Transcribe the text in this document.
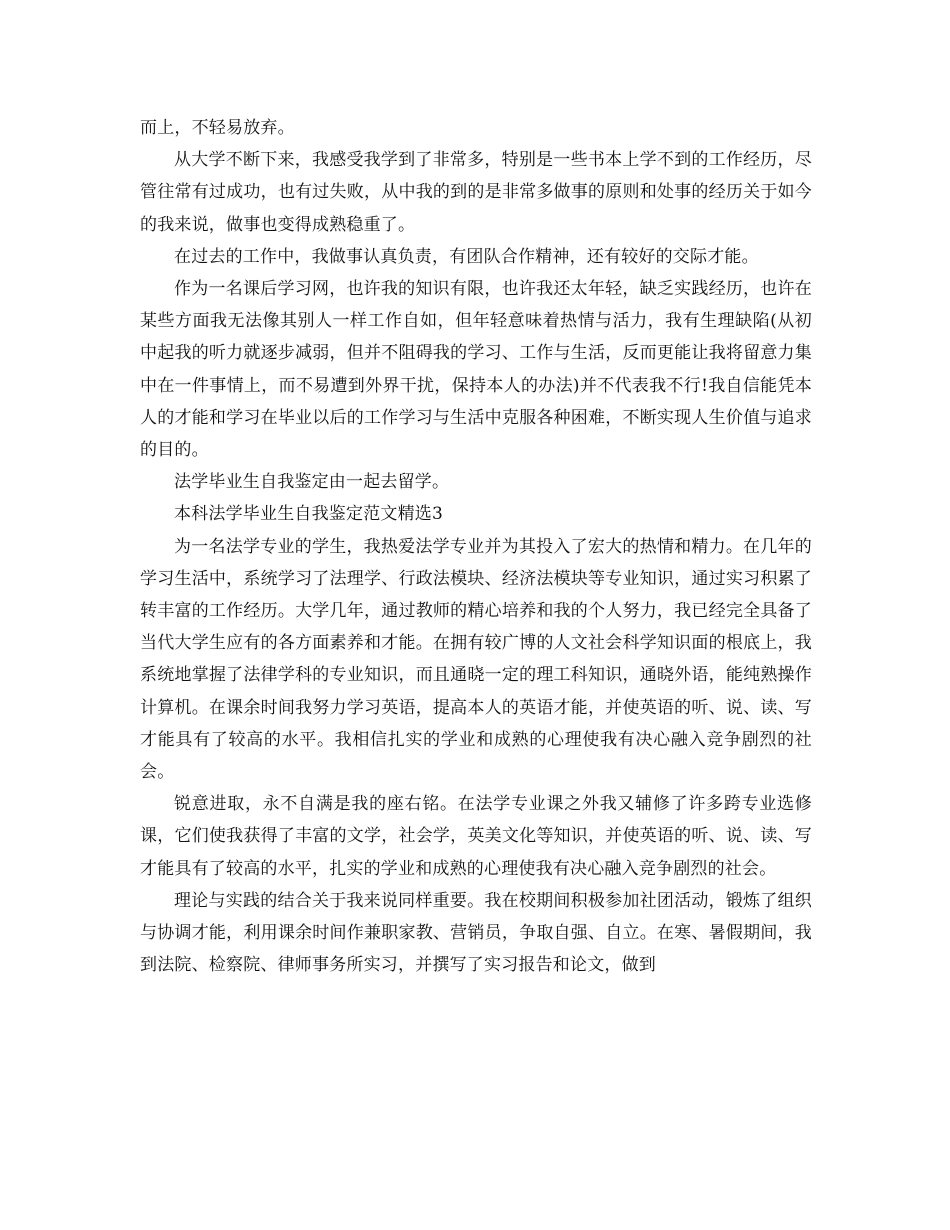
而上，不轻易放弃。

从大学不断下来，我感受我学到了非常多，特别是一些书本上学不到的工作经历，尽管往常有过成功，也有过失败，从中我的到的是非常多做事的原则和处事的经历关于如今的我来说，做事也变得成熟稳重了。

在过去的工作中，我做事认真负责，有团队合作精神，还有较好的交际才能。

作为一名课后学习网，也许我的知识有限，也许我还太年轻，缺乏实践经历，也许在某些方面我无法像其别人一样工作自如，但年轻意味着热情与活力，我有生理缺陷(从初中起我的听力就逐步减弱，但并不阻碍我的学习、工作与生活，反而更能让我将留意力集中在一件事情上，而不易遭到外界干扰，保持本人的办法)并不代表我不行!我自信能凭本人的才能和学习在毕业以后的工作学习与生活中克服各种困难，不断实现人生价值与追求的目的。

法学毕业生自我鉴定由一起去留学。

本科法学毕业生自我鉴定范文精选3

为一名法学专业的学生，我热爱法学专业并为其投入了宏大的热情和精力。在几年的学习生活中，系统学习了法理学、行政法模块、经济法模块等专业知识，通过实习积累了转丰富的工作经历。大学几年，通过教师的精心培养和我的个人努力，我已经完全具备了当代大学生应有的各方面素养和才能。在拥有较广博的人文社会科学知识面的根底上，我系统地掌握了法律学科的专业知识，而且通晓一定的理工科知识，通晓外语，能纯熟操作计算机。在课余时间我努力学习英语，提高本人的英语才能，并使英语的听、说、读、写才能具有了较高的水平。我相信扎实的学业和成熟的心理使我有决心融入竞争剧烈的社会。

锐意进取，永不自满是我的座右铭。在法学专业课之外我又辅修了许多跨专业选修课，它们使我获得了丰富的文学，社会学，英美文化等知识，并使英语的听、说、读、写才能具有了较高的水平，扎实的学业和成熟的心理使我有决心融入竞争剧烈的社会。

理论与实践的结合关于我来说同样重要。我在校期间积极参加社团活动，锻炼了组织与协调才能，利用课余时间作兼职家教、营销员，争取自强、自立。在寒、暑假期间，我到法院、检察院、律师事务所实习，并撰写了实习报告和论文，做到
